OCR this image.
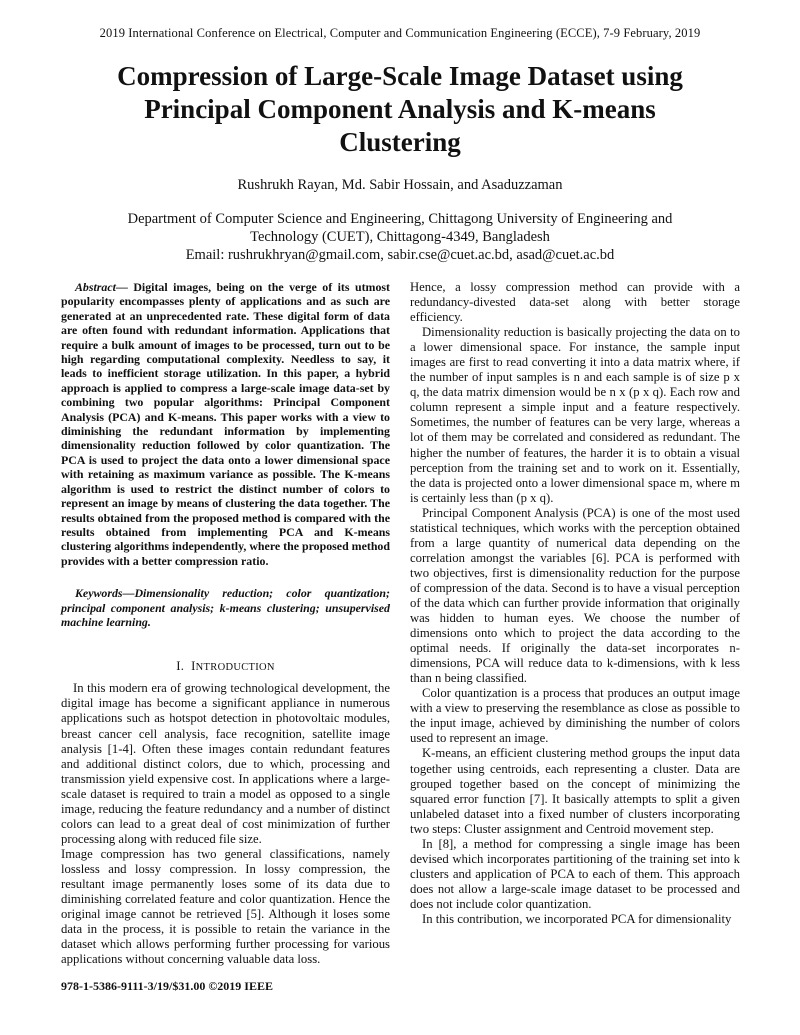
2019 International Conference on Electrical, Computer and Communication Engineering (ECCE), 7-9 February, 2019
Compression of Large-Scale Image Dataset using
Principal Component Analysis and K-means
Clustering
Rushrukh Rayan, Md. Sabir Hossain, and Asaduzzaman
Department of Computer Science and Engineering, Chittagong University of Engineering and
Technology (CUET), Chittagong-4349, Bangladesh
Email: rushrukhryan@gmail.com, sabir.cse@cuet.ac.bd, asad@cuet.ac.bd

Abstract— Digital images, being on the verge of its utmost popularity encompasses plenty of applications and as such are generated at an unprecedented rate. These digital form of data are often found with redundant information. Applications that require a bulk amount of images to be processed, turn out to be high regarding computational complexity. Needless to say, it leads to inefficient storage utilization. In this paper, a hybrid approach is applied to compress a large-scale image data-set by combining two popular algorithms: Principal Component Analysis (PCA) and K-means. This paper works with a view to diminishing the redundant information by implementing dimensionality reduction followed by color quantization. The PCA is used to project the data onto a lower dimensional space with retaining as maximum variance as possible. The K-means algorithm is used to restrict the distinct number of colors to represent an image by means of clustering the data together. The results obtained from the proposed method is compared with the results obtained from implementing PCA and K-means clustering algorithms independently, where the proposed method provides with a better compression ratio.

Keywords—Dimensionality reduction; color quantization; principal component analysis; k-means clustering; unsupervised machine learning.

I. INTRODUCTION

In this modern era of growing technological development, the digital image has become a significant appliance in numerous applications such as hotspot detection in photovoltaic modules, breast cancer cell analysis, face recognition, satellite image analysis [1-4]. Often these images contain redundant features and additional distinct colors, due to which, processing and transmission yield expensive cost. In applications where a large-scale dataset is required to train a model as opposed to a single image, reducing the feature redundancy and a number of distinct colors can lead to a great deal of cost minimization of further processing along with reduced file size.

Image compression has two general classifications, namely lossless and lossy compression. In lossy compression, the resultant image permanently loses some of its data due to diminishing correlated feature and color quantization. Hence the original image cannot be retrieved [5]. Although it loses some data in the process, it is possible to retain the variance in the dataset which allows performing further processing for various applications without concerning valuable data loss.

Hence, a lossy compression method can provide with a redundancy-divested data-set along with better storage efficiency.

Dimensionality reduction is basically projecting the data on to a lower dimensional space. For instance, the sample input images are first to read converting it into a data matrix where, if the number of input samples is n and each sample is of size p x q, the data matrix dimension would be n x (p x q). Each row and column represent a simple input and a feature respectively. Sometimes, the number of features can be very large, whereas a lot of them may be correlated and considered as redundant. The higher the number of features, the harder it is to obtain a visual perception from the training set and to work on it. Essentially, the data is projected onto a lower dimensional space m, where m is certainly less than (p x q).

Principal Component Analysis (PCA) is one of the most used statistical techniques, which works with the perception obtained from a large quantity of numerical data depending on the correlation amongst the variables [6]. PCA is performed with two objectives, first is dimensionality reduction for the purpose of compression of the data. Second is to have a visual perception of the data which can further provide information that originally was hidden to human eyes. We choose the number of dimensions onto which to project the data according to the optimal needs. If originally the data-set incorporates n-dimensions, PCA will reduce data to k-dimensions, with k less than n being classified.

Color quantization is a process that produces an output image with a view to preserving the resemblance as close as possible to the input image, achieved by diminishing the number of colors used to represent an image.

K-means, an efficient clustering method groups the input data together using centroids, each representing a cluster. Data are grouped together based on the concept of minimizing the squared error function [7]. It basically attempts to split a given unlabeled dataset into a fixed number of clusters incorporating two steps: Cluster assignment and Centroid movement step.

In [8], a method for compressing a single image has been devised which incorporates partitioning of the training set into k clusters and application of PCA to each of them. This approach does not allow a large-scale image dataset to be processed and does not include color quantization.

In this contribution, we incorporated PCA for dimensionality

978-1-5386-9111-3/19/$31.00 ©2019 IEEE
